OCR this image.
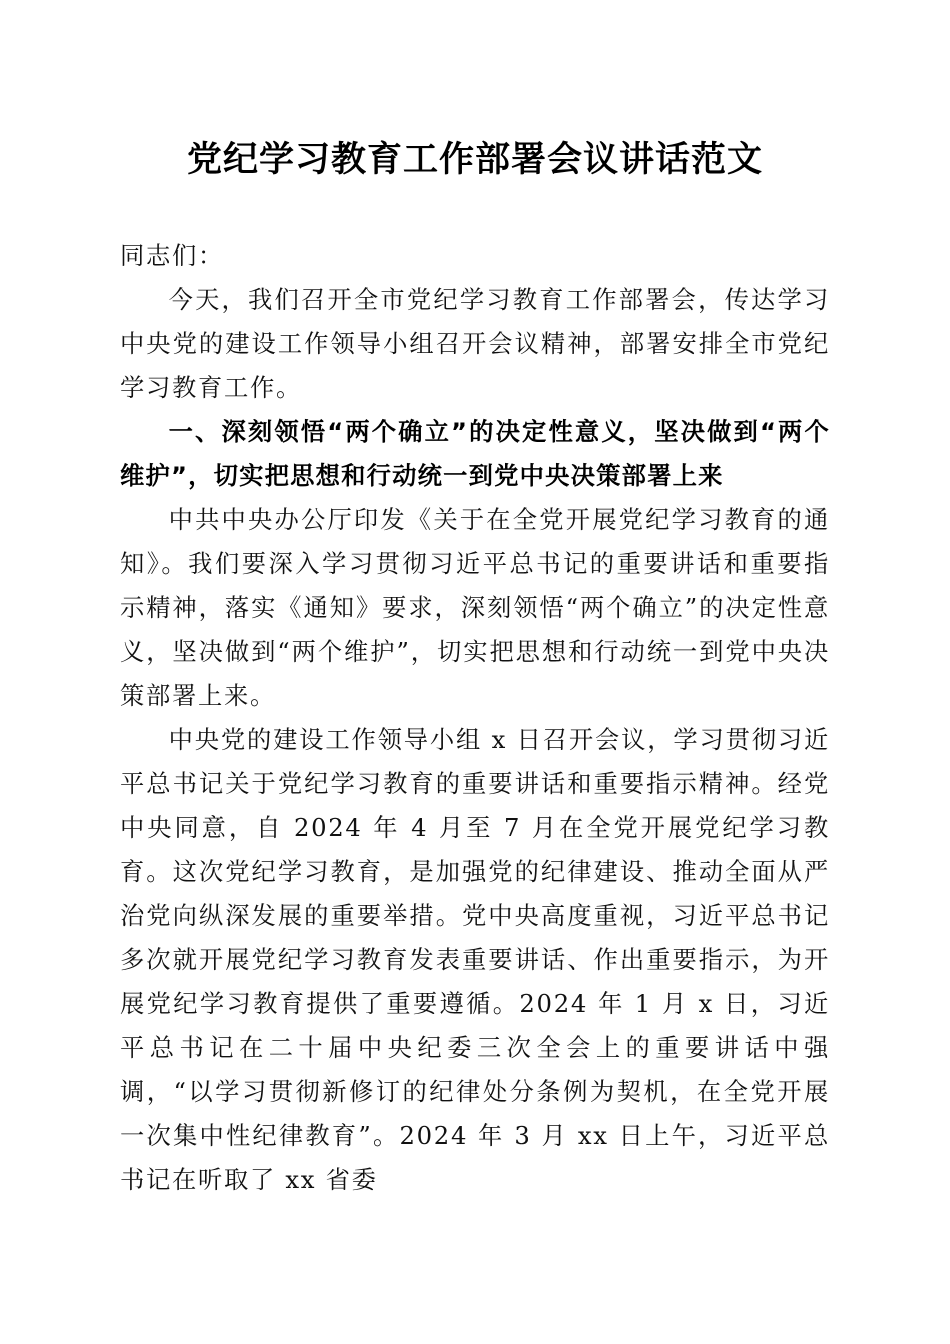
党纪学习教育工作部署会议讲话范文

同志们：

今天，我们召开全市党纪学习教育工作部署会，传达学习中央党的建设工作领导小组召开会议精神，部署安排全市党纪学习教育工作。

一、深刻领悟“两个确立”的决定性意义，坚决做到“两个维护”，切实把思想和行动统一到党中央决策部署上来

中共中央办公厅印发《关于在全党开展党纪学习教育的通知》。我们要深入学习贯彻习近平总书记的重要讲话和重要指示精神，落实《通知》要求，深刻领悟“两个确立”的决定性意义，坚决做到“两个维护”，切实把思想和行动统一到党中央决策部署上来。

中央党的建设工作领导小组 x 日召开会议，学习贯彻习近平总书记关于党纪学习教育的重要讲话和重要指示精神。经党中央同意，自 2024 年 4 月至 7 月在全党开展党纪学习教育。这次党纪学习教育，是加强党的纪律建设、推动全面从严治党向纵深发展的重要举措。党中央高度重视，习近平总书记多次就开展党纪学习教育发表重要讲话、作出重要指示，为开展党纪学习教育提供了重要遵循。2024 年 1 月 x 日，习近平总书记在二十届中央纪委三次全会上的重要讲话中强调，“以学习贯彻新修订的纪律处分条例为契机，在全党开展一次集中性纪律教育”。2024 年 3 月 xx 日上午，习近平总书记在听取了 xx 省委
